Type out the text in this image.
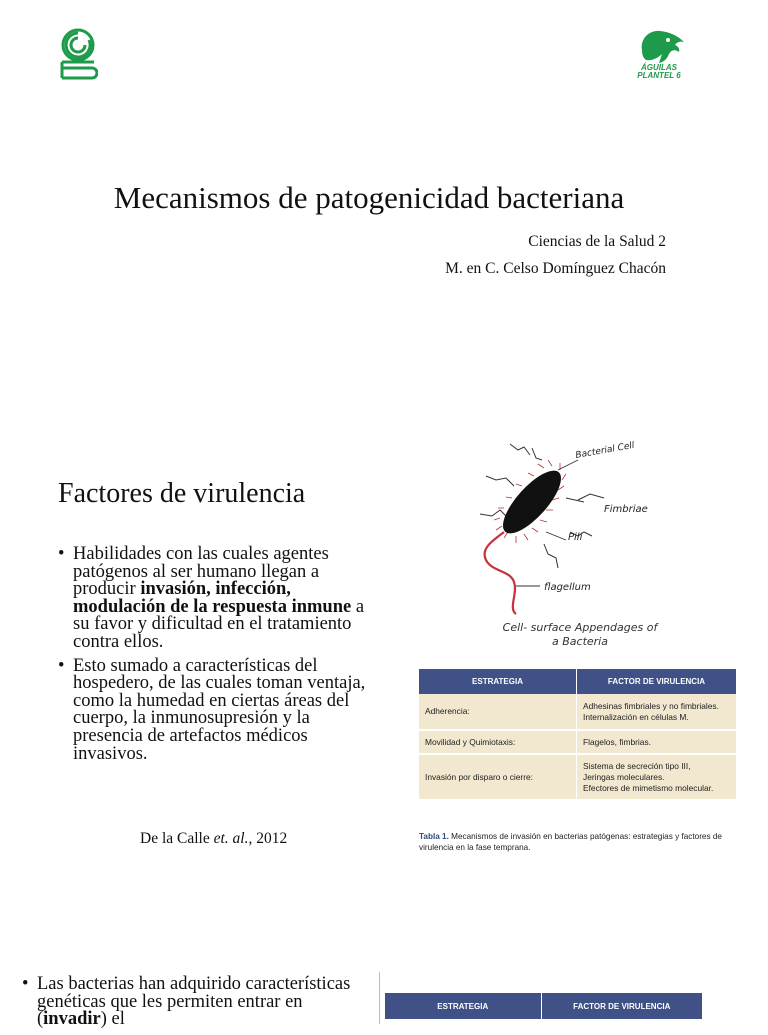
ÁGUILAS PLANTEL 6
Mecanismos de patogenicidad bacteriana
Ciencias de la Salud 2
M. en C. Celso Domínguez Chacón
Factores de virulencia
• Habilidades con las cuales agentes patógenos al ser humano llegan a producir invasión, infección, modulación de la respuesta inmune a su favor y dificultad en el tratamiento contra ellos.
• Esto sumado a características del hospedero, de las cuales toman ventaja, como la humedad en ciertas áreas del cuerpo, la inmunosupresión y la presencia de artefactos médicos invasivos.
De la Calle et. al., 2012
Bacterial Cell
Fimbriae
Pili
flagellum
Cell- surface Appendages of a Bacteria
ESTRATEGIA	FACTOR DE VIRULENCIA
Adherencia:	Adhesinas fimbriales y no fimbriales.
Internalización en células M.
Movilidad y Quimiotaxis:	Flagelos, fimbrias.
Invasión por disparo o cierre:	Sistema de secreción tipo III,
Jeringas moleculares.
Efectores de mimetismo molecular.
Tabla 1. Mecanismos de invasión en bacterias patógenas: estrategias y factores de virulencia en la fase temprana.
• Las bacterias han adquirido características genéticas que les permiten entrar en (invadir) el
ESTRATEGIA	FACTOR DE VIRULENCIA
